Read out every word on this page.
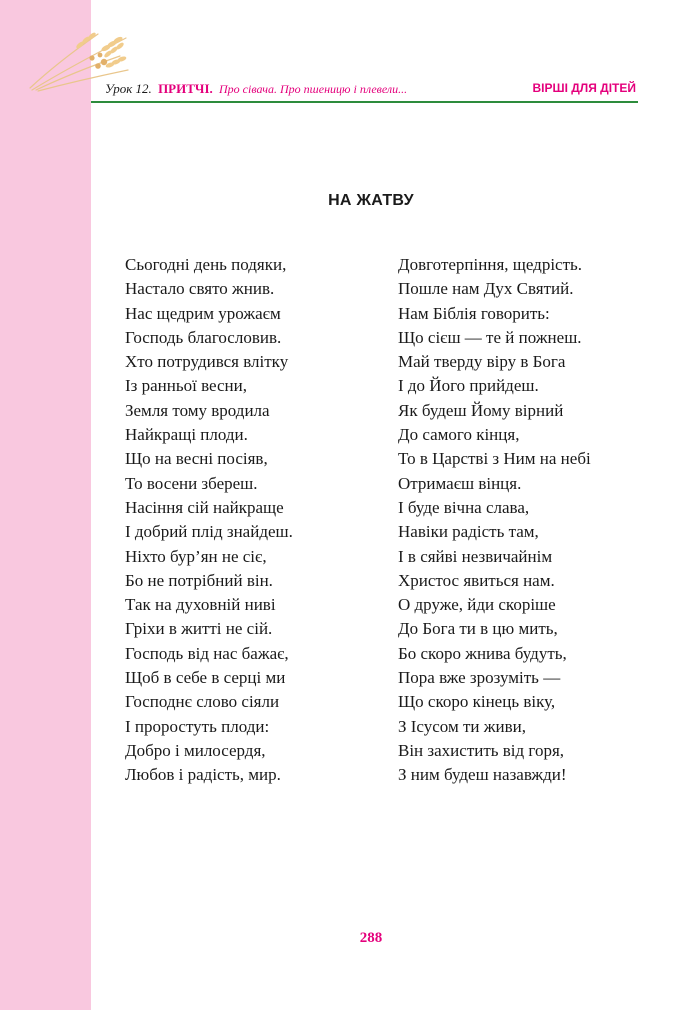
Урок 12. ПРИТЧІ. Про сівача. Про пшеницю і плевели...	ВІРШІ ДЛЯ ДІТЕЙ
НА ЖАТВУ
Сьогодні день подяки,
Настало свято жнив.
Нас щедрим урожаєм
Господь благословив.
Хто потрудився влітку
Із ранньої весни,
Земля тому вродила
Найкращі плоди.
Що на весні посіяв,
То восени збереш.
Насіння сій найкраще
І добрий плід знайдеш.
Ніхто бур’ян не сіє,
Бо не потрібний він.
Так на духовній ниві
Гріхи в житті не сій.
Господь від нас бажає,
Щоб в себе в серці ми
Господнє слово сіяли
І проростуть плоди:
Добро і милосердя,
Любов і радість, мир.
Довготерпіння, щедрість.
Пошле нам Дух Святий.
Нам Біблія говорить:
Що сієш — те й пожнеш.
Май тверду віру в Бога
І до Його прийдеш.
Як будеш Йому вірний
До самого кінця,
То в Царстві з Ним на небі
Отримаєш вінця.
І буде вічна слава,
Навіки радість там,
І в сяйві незвичайнім
Христос явиться нам.
О друже, йди скоріше
До Бога ти в цю мить,
Бо скоро жнива будуть,
Пора вже зрозуміть —
Що скоро кінець віку,
З Ісусом ти живи,
Він захистить від горя,
З ним будеш назавжди!
288
